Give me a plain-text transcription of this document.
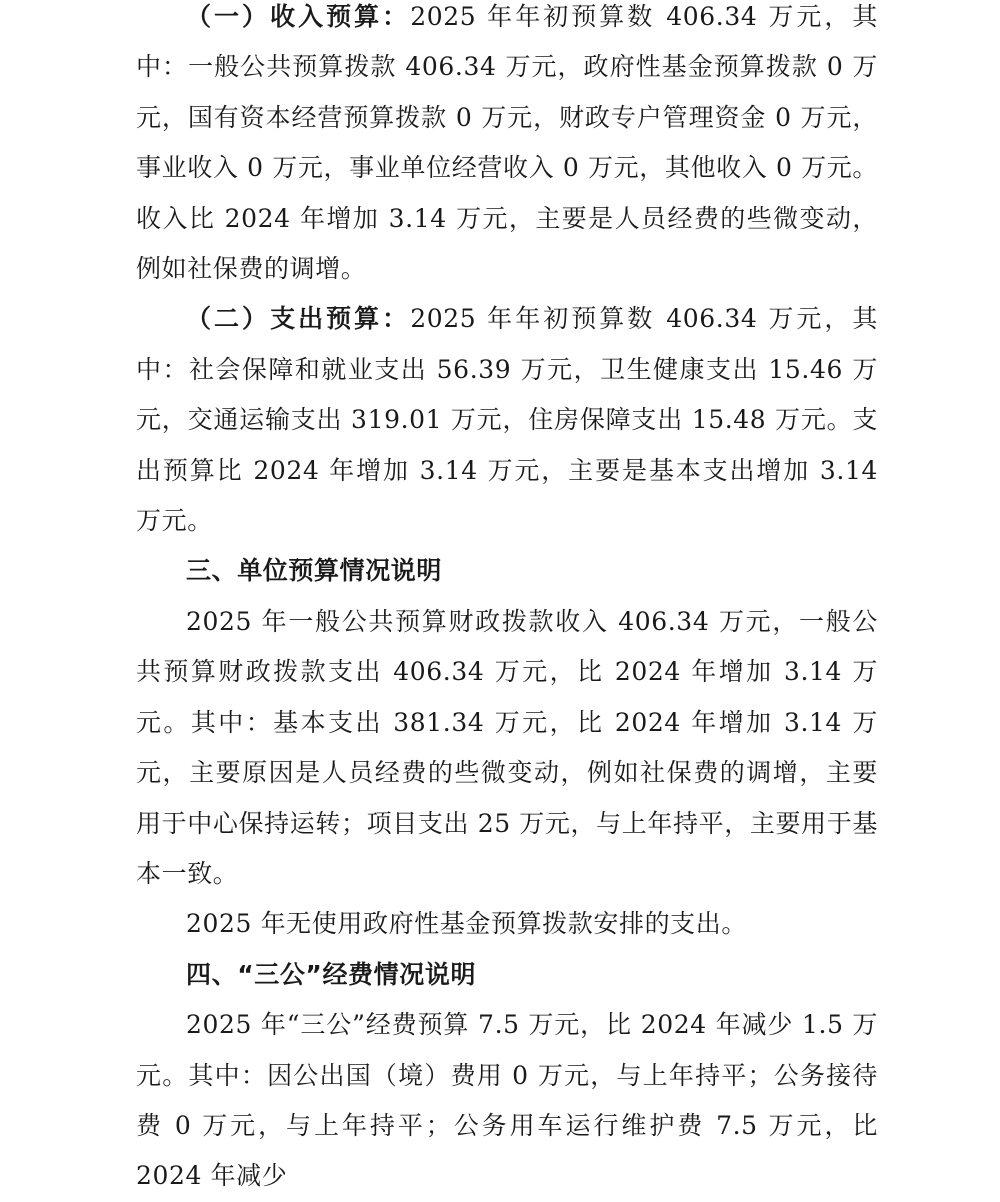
（一）收入预算：2025 年年初预算数 406.34 万元，其中：一般公共预算拨款 406.34 万元，政府性基金预算拨款 0 万元，国有资本经营预算拨款 0 万元，财政专户管理资金 0 万元，事业收入 0 万元，事业单位经营收入 0 万元，其他收入 0 万元。收入比 2024 年增加 3.14 万元，主要是人员经费的些微变动，例如社保费的调增。

（二）支出预算：2025 年年初预算数 406.34 万元，其中：社会保障和就业支出 56.39 万元，卫生健康支出 15.46 万元，交通运输支出 319.01 万元，住房保障支出 15.48 万元。支出预算比 2024 年增加 3.14 万元，主要是基本支出增加 3.14 万元。

三、单位预算情况说明

2025 年一般公共预算财政拨款收入 406.34 万元，一般公共预算财政拨款支出 406.34 万元，比 2024 年增加 3.14 万元。其中：基本支出 381.34 万元，比 2024 年增加 3.14 万元，主要原因是人员经费的些微变动，例如社保费的调增，主要用于中心保持运转；项目支出 25 万元，与上年持平，主要用于基本一致。

2025 年无使用政府性基金预算拨款安排的支出。

四、“三公”经费情况说明

2025 年“三公”经费预算 7.5 万元，比 2024 年减少 1.5 万元。其中：因公出国（境）费用 0 万元，与上年持平；公务接待费 0 万元，与上年持平；公务用车运行维护费 7.5 万元，比 2024 年减少
